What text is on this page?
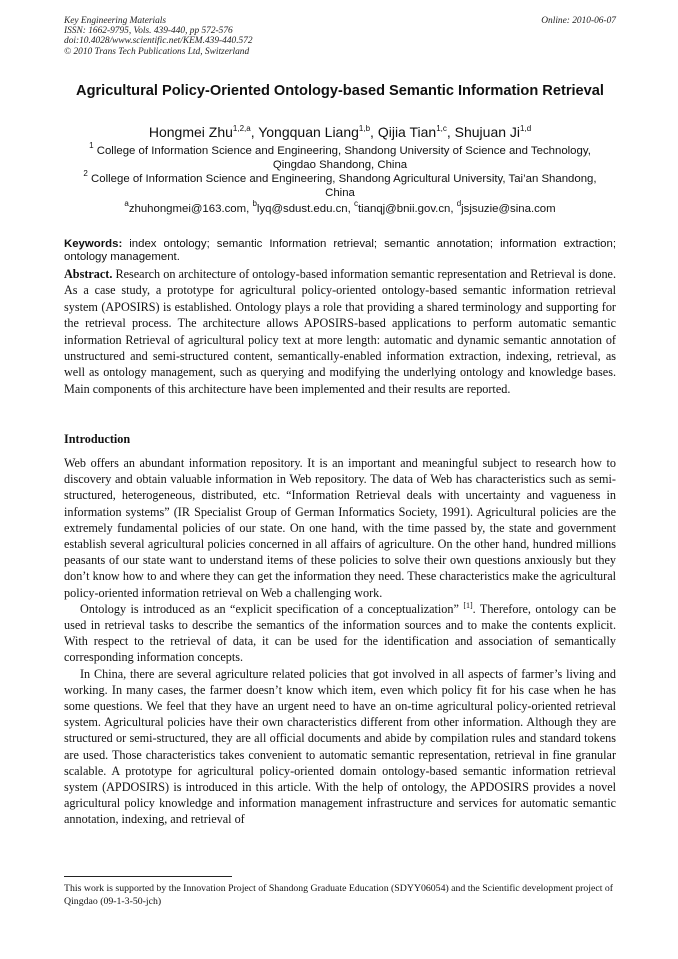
Key Engineering Materials
ISSN: 1662-9795, Vols. 439-440, pp 572-576
doi:10.4028/www.scientific.net/KEM.439-440.572
© 2010 Trans Tech Publications Ltd, Switzerland
Online: 2010-06-07
Agricultural Policy-Oriented Ontology-based Semantic Information Retrieval
Hongmei Zhu$^{1,2,a}$, Yongquan Liang$^{1,b}$, Qijia Tian$^{1,c}$, Shujuan Ji$^{1,d}$
$^1$ College of Information Science and Engineering, Shandong University of Science and Technology, Qingdao Shandong, China
$^2$ College of Information Science and Engineering, Shandong Agricultural University, Tai’an Shandong, China
$^a$zhuhongmei@163.com, $^b$lyq@sdust.edu.cn, $^c$tianqj@bnii.gov.cn, $^d$jsjsuzie@sina.com
Keywords: index ontology; semantic Information retrieval; semantic annotation; information extraction; ontology management.
Abstract. Research on architecture of ontology-based information semantic representation and Retrieval is done. As a case study, a prototype for agricultural policy-oriented ontology-based semantic information retrieval system (APOSIRS) is established. Ontology plays a role that providing a shared terminology and supporting for the retrieval process. The architecture allows APOSIRS-based applications to perform automatic semantic information Retrieval of agricultural policy text at more length: automatic and dynamic semantic annotation of unstructured and semi-structured content, semantically-enabled information extraction, indexing, retrieval, as well as ontology management, such as querying and modifying the underlying ontology and knowledge bases. Main components of this architecture have been implemented and their results are reported.
Introduction

Web offers an abundant information repository. It is an important and meaningful subject to research how to discovery and obtain valuable information in Web repository. The data of Web has characteristics such as semi-structured, heterogeneous, distributed, etc. “Information Retrieval deals with uncertainty and vagueness in information systems” (IR Specialist Group of German Informatics Society, 1991). Agricultural policies are the extremely fundamental policies of our state. On one hand, with the time passed by, the state and government establish several agricultural policies concerned in all affairs of agriculture. On the other hand, hundred millions peasants of our state want to understand items of these policies to solve their own questions anxiously but they don’t know how to and where they can get the information they need. These characteristics make the agricultural policy-oriented information retrieval on Web a challenging work.

Ontology is introduced as an “explicit specification of a conceptualization” [1]. Therefore, ontology can be used in retrieval tasks to describe the semantics of the information sources and to make the contents explicit. With respect to the retrieval of data, it can be used for the identification and association of semantically corresponding information concepts.

In China, there are several agriculture related policies that got involved in all aspects of farmer’s living and working. In many cases, the farmer doesn’t know which item, even which policy fit for his case when he has some questions. We feel that they have an urgent need to have an on-time agricultural policy-oriented retrieval system. Agricultural policies have their own characteristics different from other information. Although they are structured or semi-structured, they are all official documents and abide by compilation rules and standard tokens are used. Those characteristics takes convenient to automatic semantic representation, retrieval in fine granular scalable. A prototype for agricultural policy-oriented domain ontology-based semantic information retrieval system (APDOSIRS) is introduced in this article. With the help of ontology, the APDOSIRS provides a novel agricultural policy knowledge and information management infrastructure and services for automatic semantic annotation, indexing, and retrieval of

This work is supported by the Innovation Project of Shandong Graduate Education (SDYY06054) and the Scientific development project of Qingdao (09-1-3-50-jch)
